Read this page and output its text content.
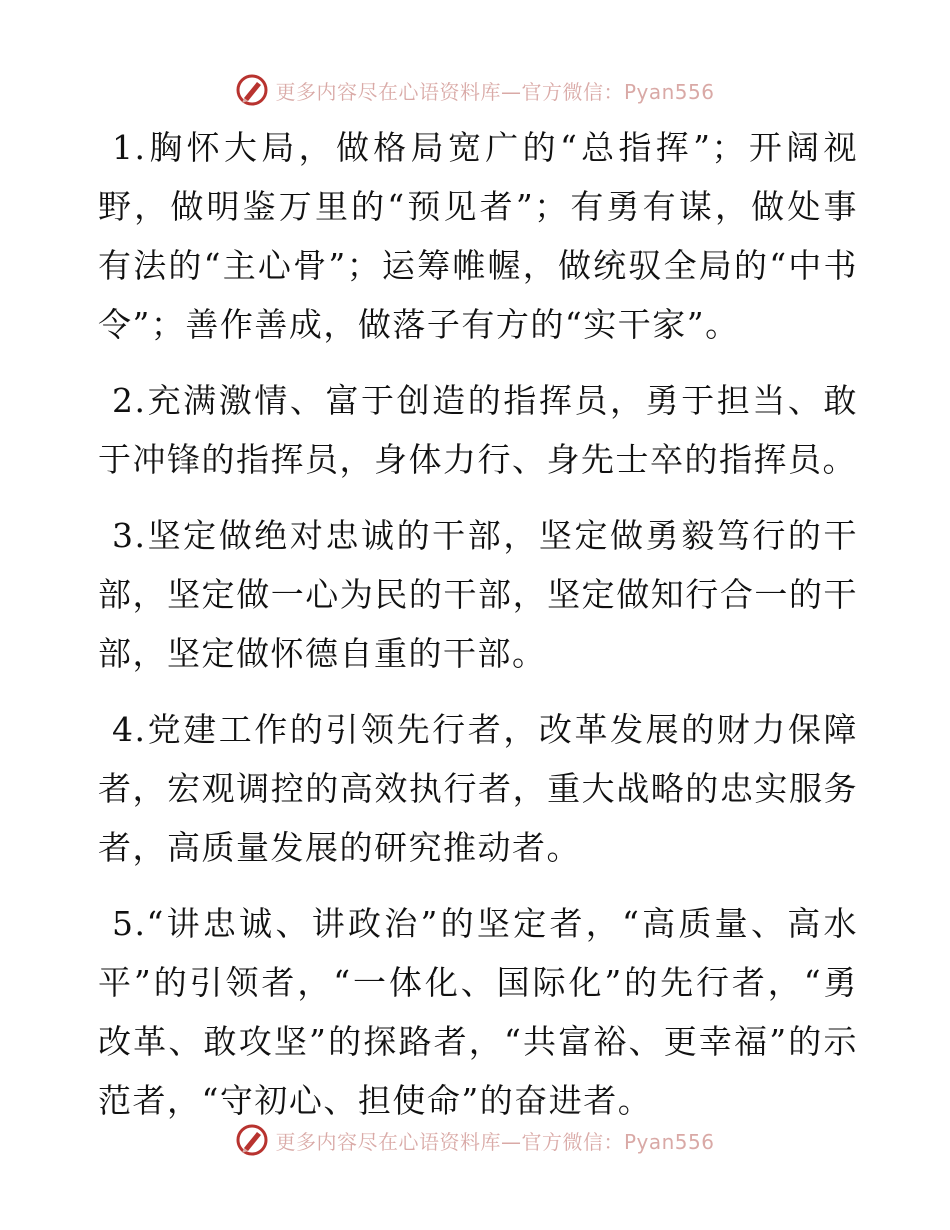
更多内容尽在心语资料库—官方微信：Pyan556

1.胸怀大局，做格局宽广的“总指挥”；开阔视野，做明鉴万里的“预见者”；有勇有谋，做处事有法的“主心骨”；运筹帷幄，做统驭全局的“中书令”；善作善成，做落子有方的“实干家”。

2.充满激情、富于创造的指挥员，勇于担当、敢于冲锋的指挥员，身体力行、身先士卒的指挥员。

3.坚定做绝对忠诚的干部，坚定做勇毅笃行的干部，坚定做一心为民的干部，坚定做知行合一的干部，坚定做怀德自重的干部。

4.党建工作的引领先行者，改革发展的财力保障者，宏观调控的高效执行者，重大战略的忠实服务者，高质量发展的研究推动者。

5.“讲忠诚、讲政治”的坚定者，“高质量、高水平”的引领者，“一体化、国际化”的先行者，“勇改革、敢攻坚”的探路者，“共富裕、更幸福”的示范者，“守初心、担使命”的奋进者。

更多内容尽在心语资料库—官方微信：Pyan556
